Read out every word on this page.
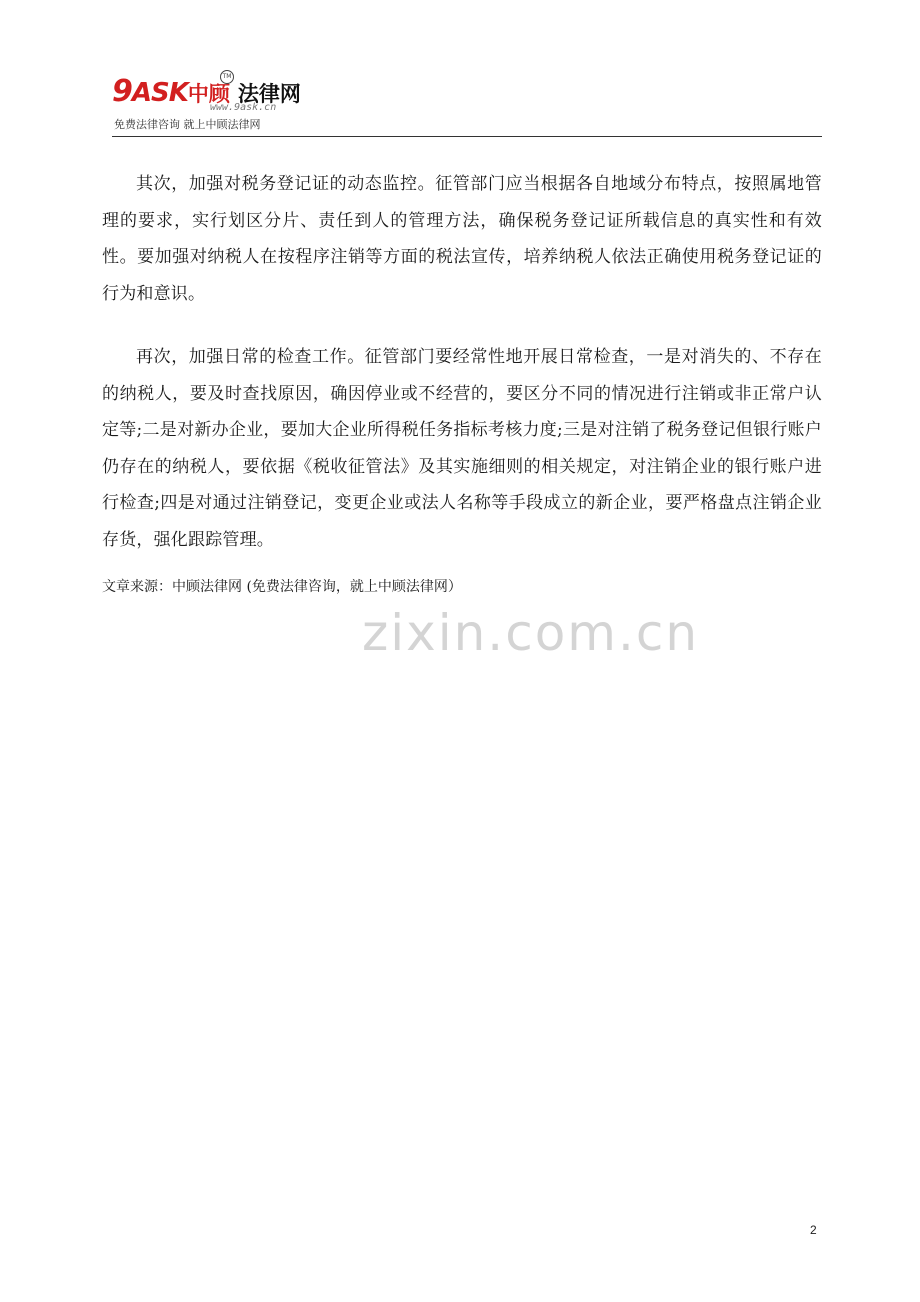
9ASK中顾 法律网
TM
www.9ask.cn
免费法律咨询 就上中顾法律网

其次，加强对税务登记证的动态监控。征管部门应当根据各自地域分布特点，按照属地管理的要求，实行划区分片、责任到人的管理方法，确保税务登记证所载信息的真实性和有效性。要加强对纳税人在按程序注销等方面的税法宣传，培养纳税人依法正确使用税务登记证的行为和意识。

再次，加强日常的检查工作。征管部门要经常性地开展日常检查，一是对消失的、不存在的纳税人，要及时查找原因，确因停业或不经营的，要区分不同的情况进行注销或非正常户认定等;二是对新办企业，要加大企业所得税任务指标考核力度;三是对注销了税务登记但银行账户仍存在的纳税人，要依据《税收征管法》及其实施细则的相关规定，对注销企业的银行账户进行检查;四是对通过注销登记，变更企业或法人名称等手段成立的新企业，要严格盘点注销企业存货，强化跟踪管理。

文章来源：中顾法律网 (免费法律咨询，就上中顾法律网）
zixin.com.cn
2
